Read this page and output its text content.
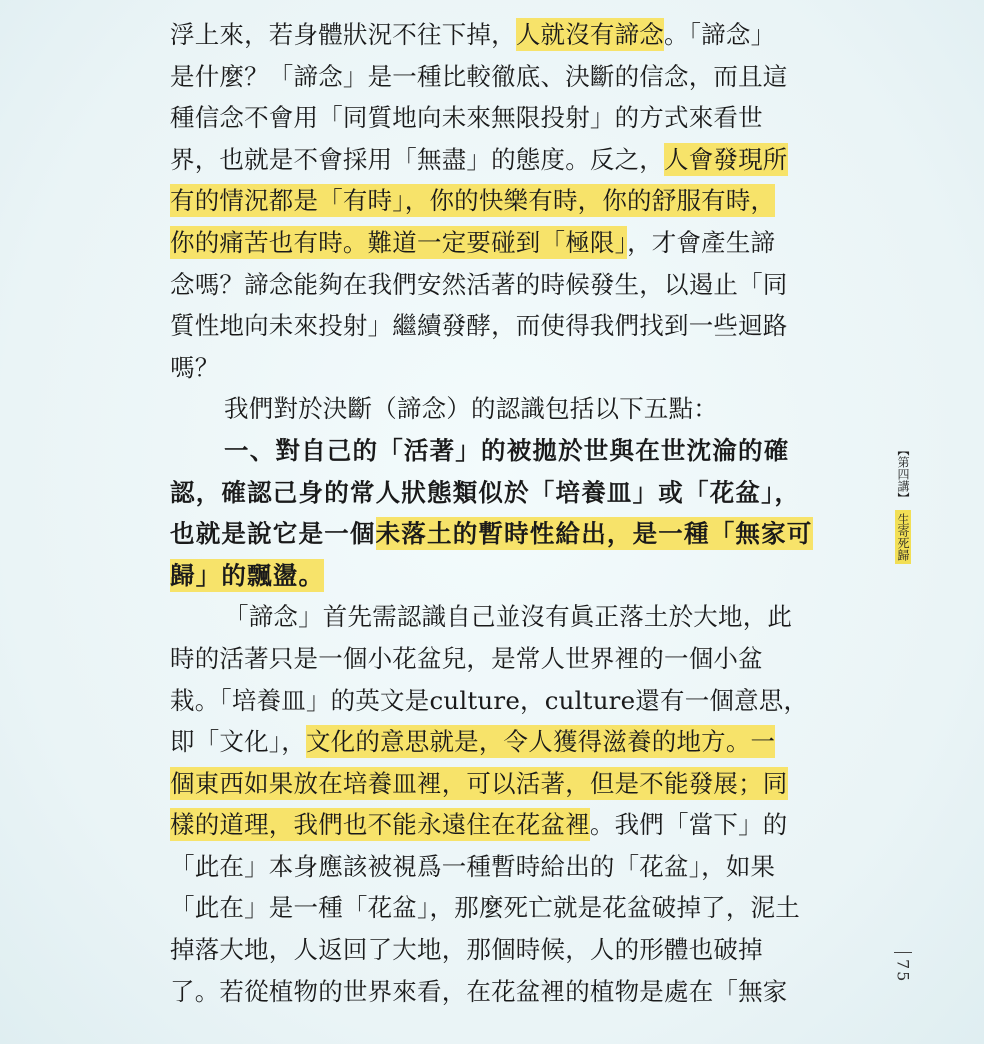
浮上來，若身體狀況不往下掉，人就沒有諦念。「諦念」
是什麼？「諦念」是一種比較徹底、決斷的信念，而且這
種信念不會用「同質地向未來無限投射」的方式來看世
界，也就是不會採用「無盡」的態度。反之，人會發現所
有的情況都是「有時」，你的快樂有時，你的舒服有時，
你的痛苦也有時。難道一定要碰到「極限」，才會產生諦
念嗎？諦念能夠在我們安然活著的時候發生，以遏止「同
質性地向未來投射」繼續發酵，而使得我們找到一些迴路
嗎？
我們對於決斷（諦念）的認識包括以下五點：
一、對自己的「活著」的被拋於世與在世沈淪的確
認，確認己身的常人狀態類似於「培養皿」或「花盆」，
也就是說它是一個未落土的暫時性給出，是一種「無家可
歸」的飄盪。
「諦念」首先需認識自己並沒有眞正落土於大地，此
時的活著只是一個小花盆兒，是常人世界裡的一個小盆
栽。「培養皿」的英文是culture，culture還有一個意思，
即「文化」，文化的意思就是，令人獲得滋養的地方。一
個東西如果放在培養皿裡，可以活著，但是不能發展；同
樣的道理，我們也不能永遠住在花盆裡。我們「當下」的
「此在」本身應該被視爲一種暫時給出的「花盆」，如果
「此在」是一種「花盆」，那麼死亡就是花盆破掉了，泥土
掉落大地，人返回了大地，那個時候，人的形體也破掉
了。若從植物的世界來看，在花盆裡的植物是處在「無家
【第四講】
生寄死歸
75
